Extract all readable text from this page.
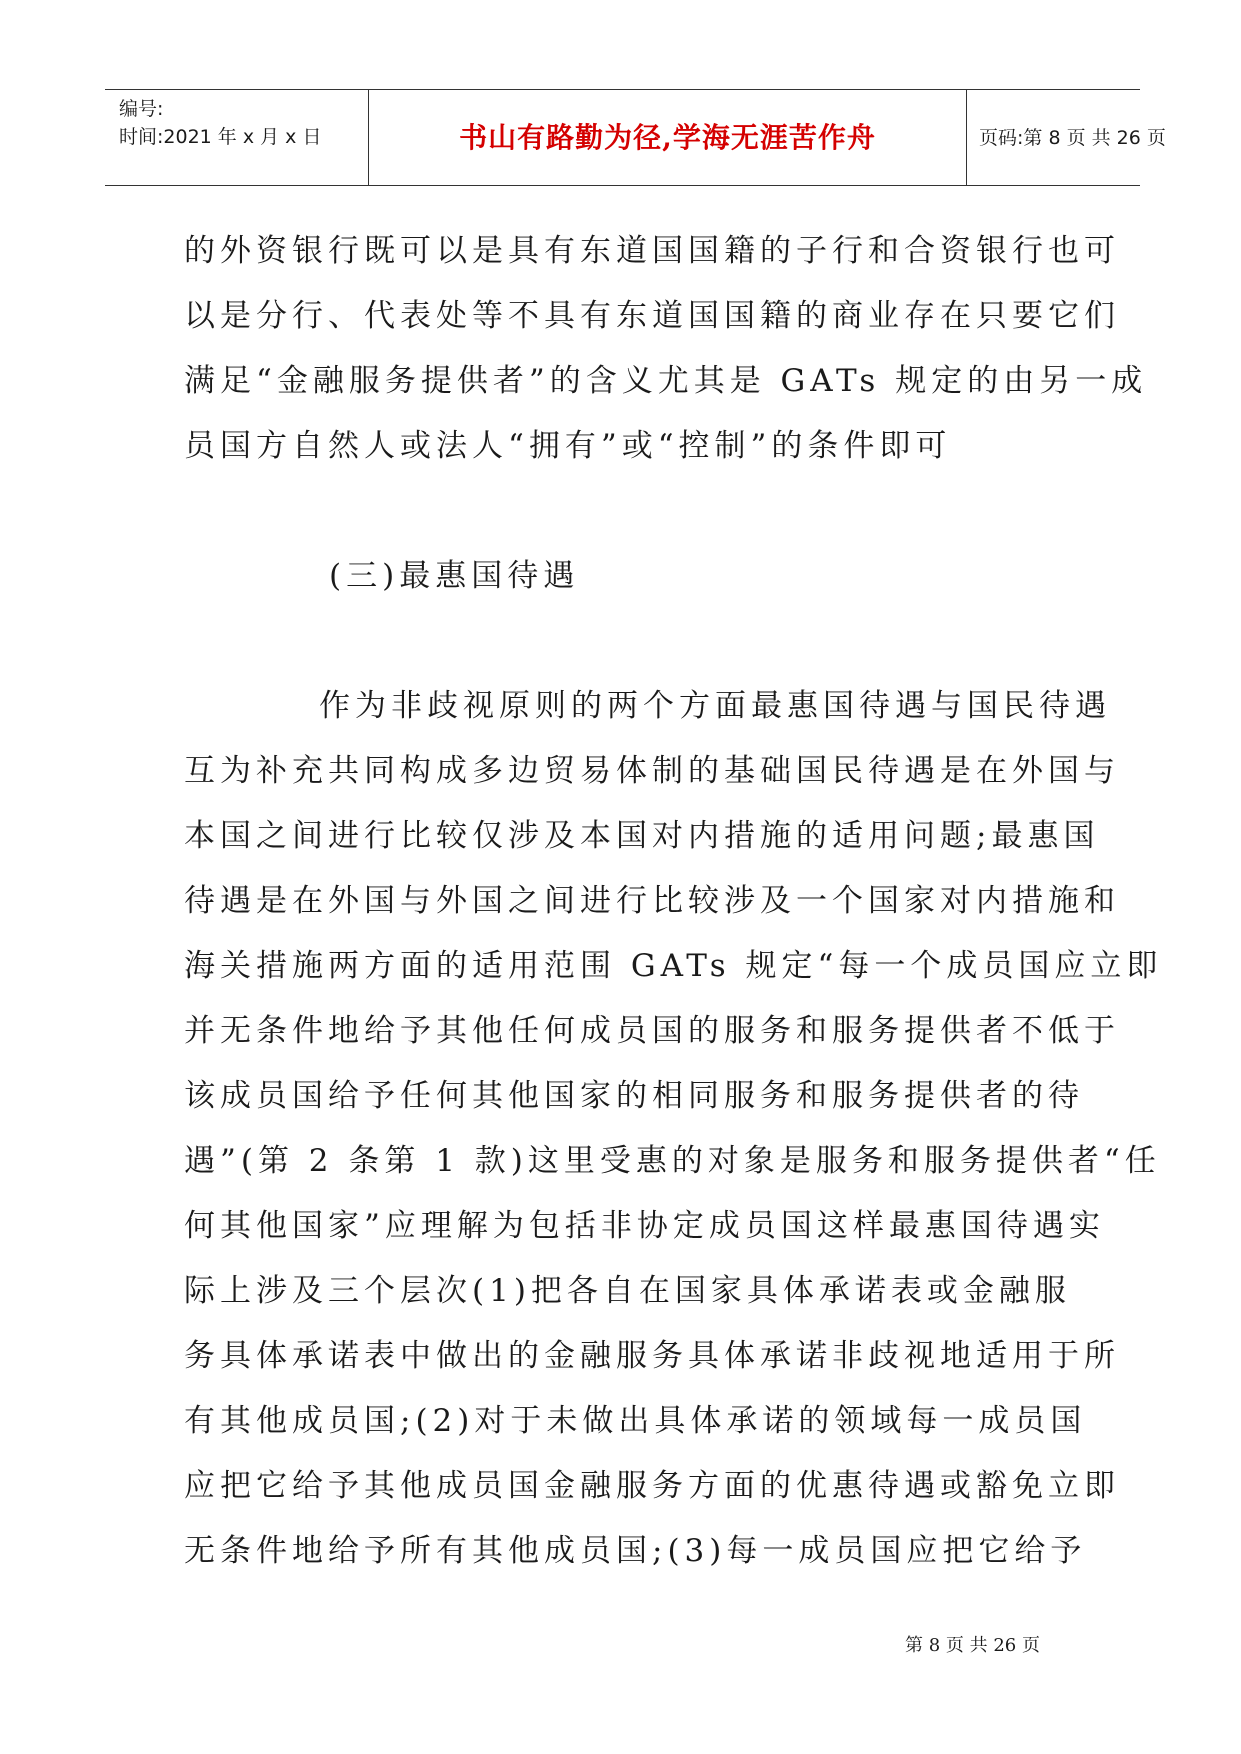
编号:
时间:2021 年 x 月 x 日	书山有路勤为径,学海无涯苦作舟	页码:第 8 页 共 26 页
的外资银行既可以是具有东道国国籍的子行和合资银行也可
以是分行、代表处等不具有东道国国籍的商业存在只要它们
满足“金融服务提供者”的含义尤其是 GATs 规定的由另一成
员国方自然人或法人“拥有”或“控制”的条件即可
(三)最惠国待遇
作为非歧视原则的两个方面最惠国待遇与国民待遇
互为补充共同构成多边贸易体制的基础国民待遇是在外国与
本国之间进行比较仅涉及本国对内措施的适用问题;最惠国
待遇是在外国与外国之间进行比较涉及一个国家对内措施和
海关措施两方面的适用范围 GATs 规定“每一个成员国应立即
并无条件地给予其他任何成员国的服务和服务提供者不低于
该成员国给予任何其他国家的相同服务和服务提供者的待
遇”(第 2 条第 1 款)这里受惠的对象是服务和服务提供者“任
何其他国家”应理解为包括非协定成员国这样最惠国待遇实
际上涉及三个层次(1)把各自在国家具体承诺表或金融服
务具体承诺表中做出的金融服务具体承诺非歧视地适用于所
有其他成员国;(2)对于未做出具体承诺的领域每一成员国
应把它给予其他成员国金融服务方面的优惠待遇或豁免立即
无条件地给予所有其他成员国;(3)每一成员国应把它给予
第 8 页 共 26 页
